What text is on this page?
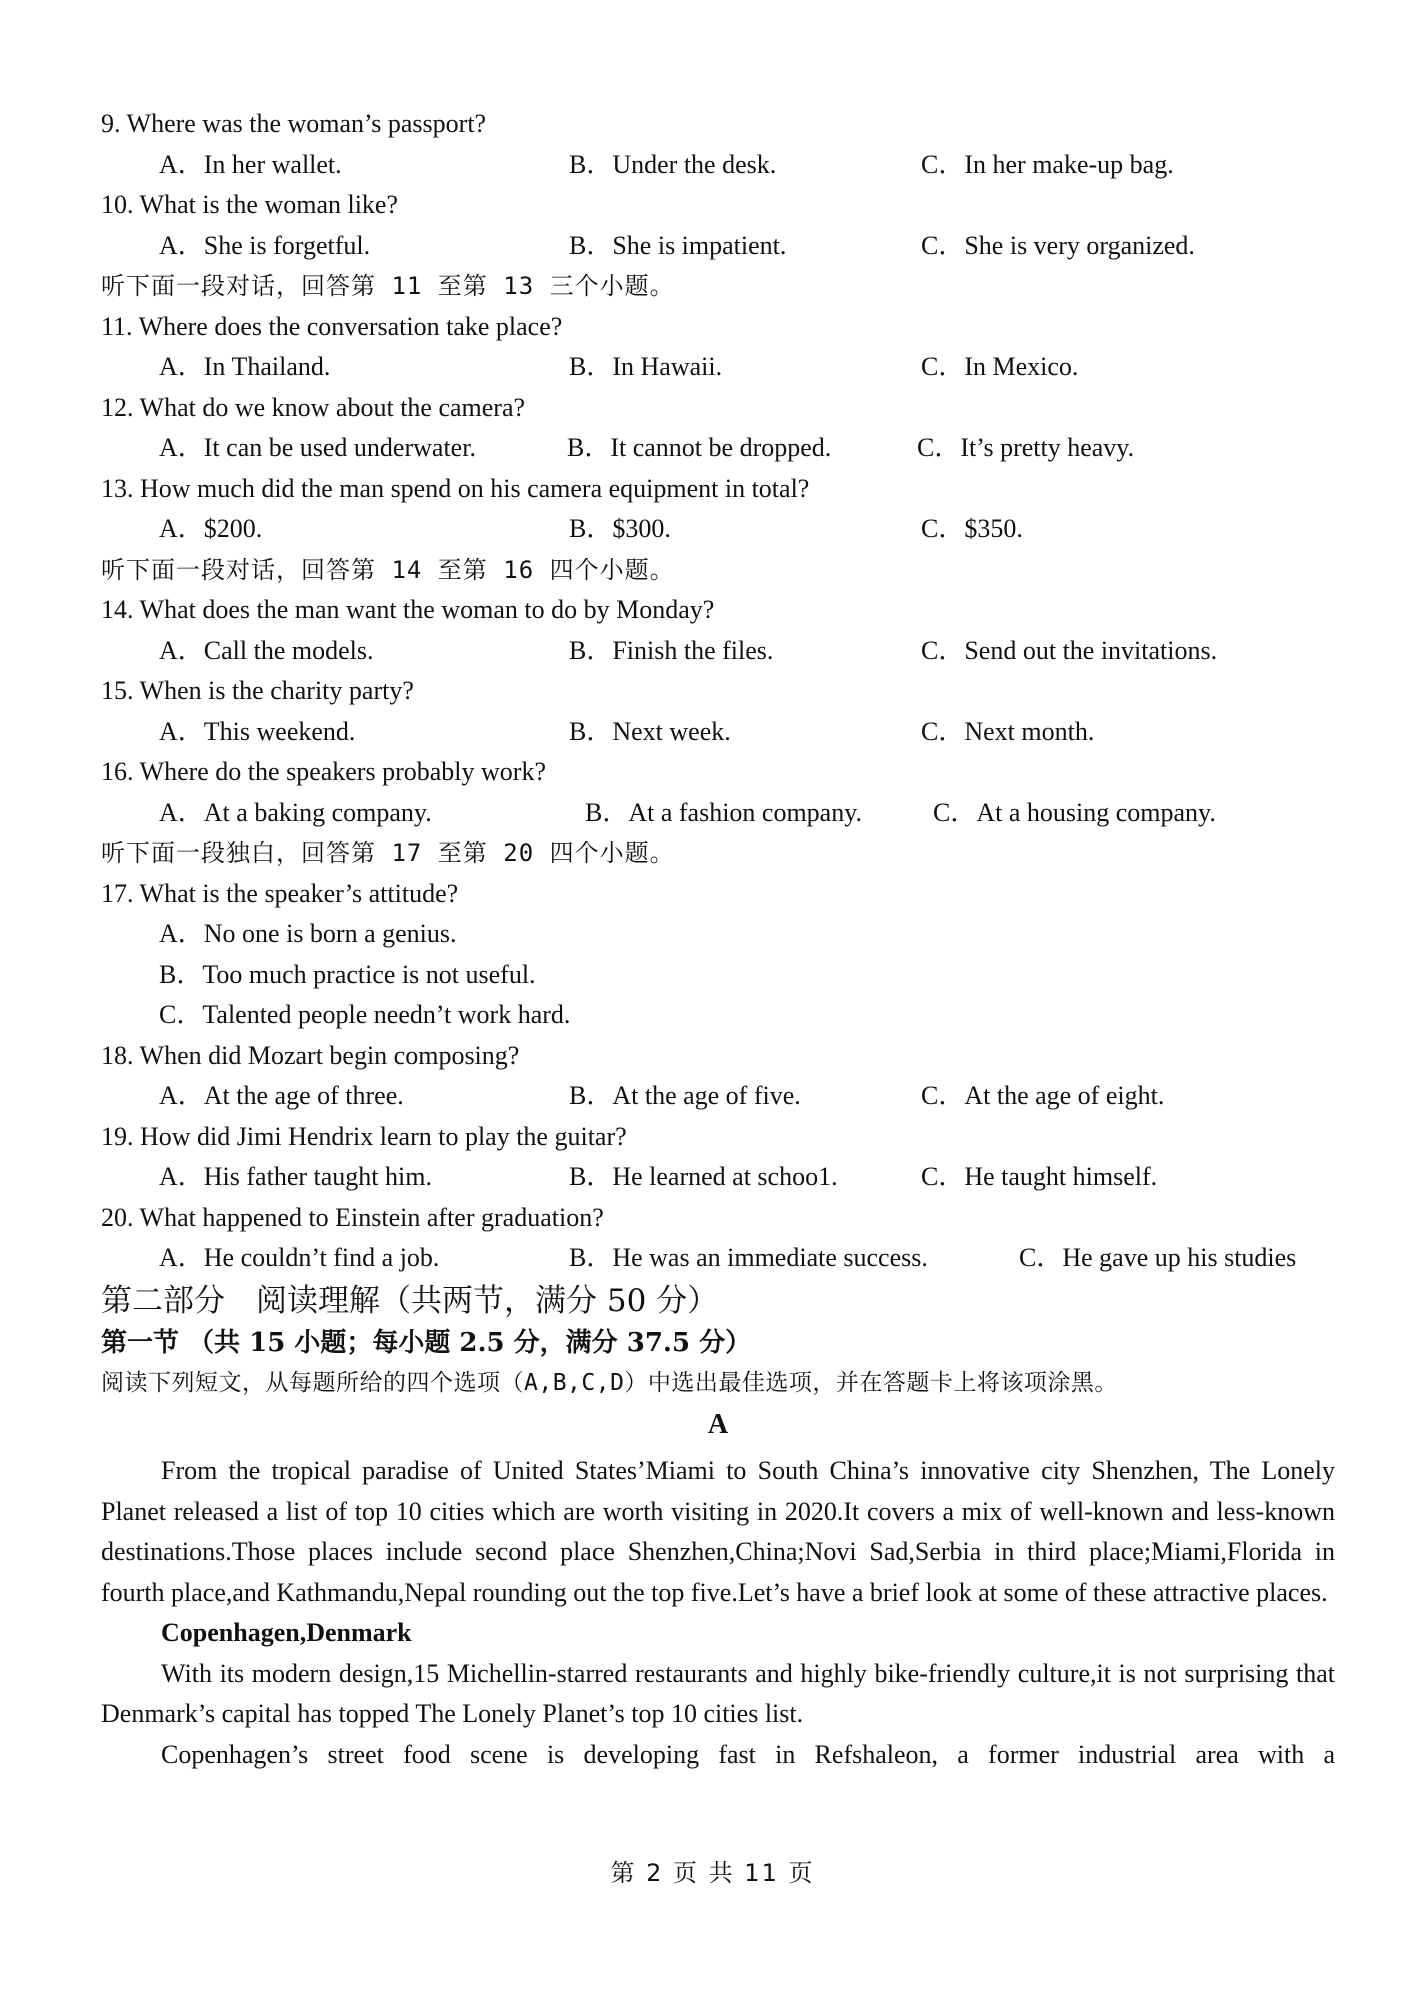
9. Where was the woman’s passport?
A．In her wallet.	B．Under the desk.	C．In her make-up bag.
10. What is the woman like?
A．She is forgetful.	B．She is impatient.	C．She is very organized.
听下面一段对话，回答第 11 至第 13 三个小题。
11. Where does the conversation take place?
A．In Thailand.	B．In Hawaii.	C．In Mexico.
12. What do we know about the camera?
A．It can be used underwater.	B．It cannot be dropped.	C．It’s pretty heavy.
13. How much did the man spend on his camera equipment in total?
A．$200.	B．$300.	C．$350.
听下面一段对话，回答第 14 至第 16 四个小题。
14. What does the man want the woman to do by Monday?
A．Call the models.	B．Finish the files.	C．Send out the invitations.
15. When is the charity party?
A．This weekend.	B．Next week.	C．Next month.
16. Where do the speakers probably work?
A．At a baking company.	B．At a fashion company.	C．At a housing company.
听下面一段独白，回答第 17 至第 20 四个小题。
17. What is the speaker’s attitude?
A．No one is born a genius.
B．Too much practice is not useful.
C．Talented people needn’t work hard.
18. When did Mozart begin composing?
A．At the age of three.	B．At the age of five.	C．At the age of eight.
19. How did Jimi Hendrix learn to play the guitar?
A．His father taught him.	B．He learned at schoo1.	C．He taught himself.
20. What happened to Einstein after graduation?
A．He couldn’t find a job.	B．He was an immediate success.	C．He gave up his studies
第二部分　阅读理解（共两节，满分 50 分）
第一节 （共 15 小题；每小题 2.5 分，满分 37.5 分）
阅读下列短文，从每题所给的四个选项（A,B,C,D）中选出最佳选项，并在答题卡上将该项涂黑。
A

From the tropical paradise of United States’Miami to South China’s innovative city Shenzhen, The Lonely Planet released a list of top 10 cities which are worth visiting in 2020.It covers a mix of well-known and less-known destinations.Those places include second place Shenzhen,China;Novi Sad,Serbia in third place;Miami,Florida in fourth place,and Kathmandu,Nepal rounding out the top five.Let’s have a brief look at some of these attractive places.

Copenhagen,Denmark

With its modern design,15 Michellin-starred restaurants and highly bike-friendly culture,it is not surprising that Denmark’s capital has topped The Lonely Planet’s top 10 cities list.

Copenhagen’s street food scene is developing fast in Refshaleon, a former industrial area with a

第 2 页 共 11 页
